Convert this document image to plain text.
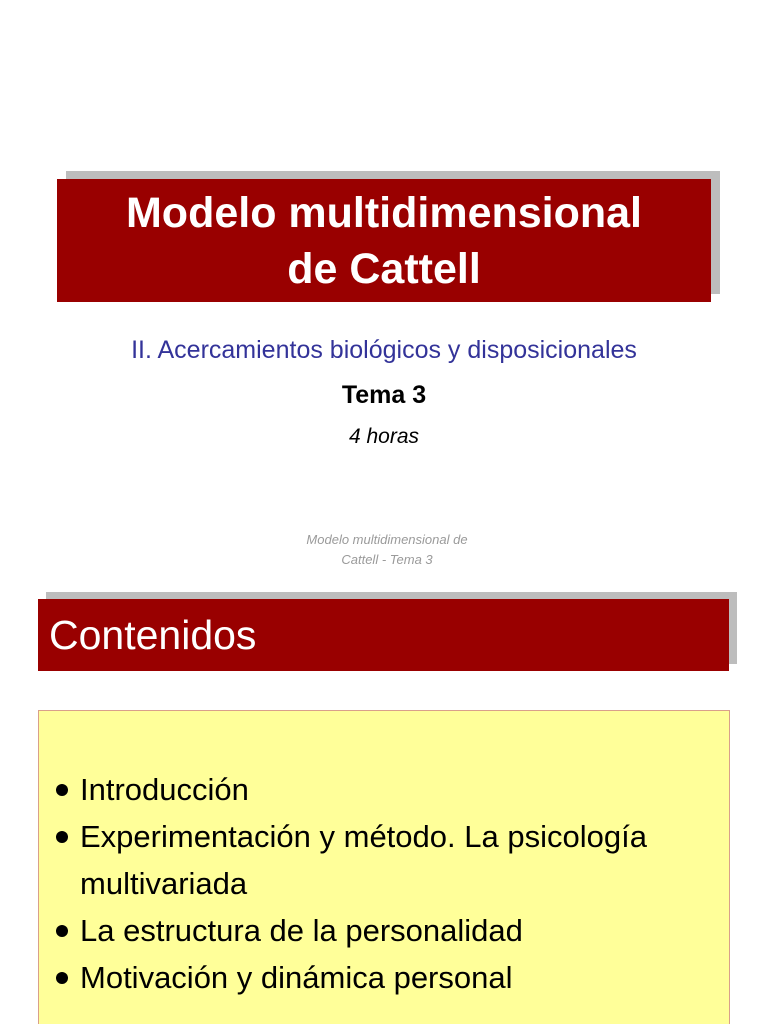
Modelo multidimensional
de Cattell
II. Acercamientos biológicos y disposicionales
Tema 3
4 horas
Modelo multidimensional de
Cattell - Tema 3
Contenidos
Introducción
Experimentación y método. La psicología multivariada
La estructura de la personalidad
Motivación y dinámica personal
